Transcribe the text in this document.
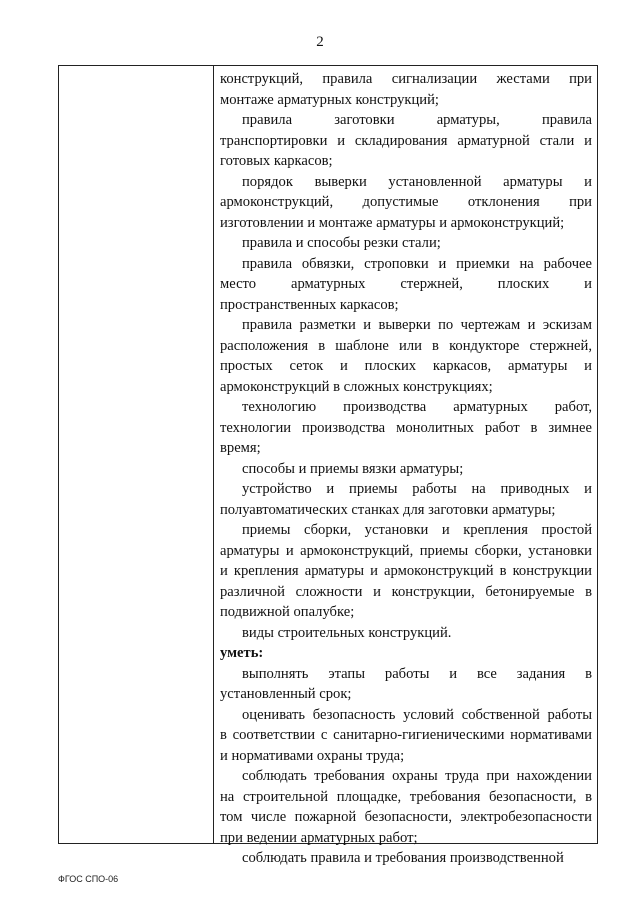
2

конструкций, правила сигнализации жестами при
монтаже арматурных конструкций;

правила заготовки арматуры, правила
транспортировки и складирования арматурной стали и
готовых каркасов;

порядок выверки установленной арматуры и
армоконструкций, допустимые отклонения при
изготовлении и монтаже арматуры и армоконструкций;

правила и способы резки стали;

правила обвязки, строповки и приемки на рабочее
место арматурных стержней, плоских и
пространственных каркасов;

правила разметки и выверки по чертежам и эскизам
расположения в шаблоне или в кондукторе стержней,
простых сеток и плоских каркасов, арматуры и
армоконструкций в сложных конструкциях;

технологию производства арматурных работ,
технологии производства монолитных работ в зимнее
время;

способы и приемы вязки арматуры;

устройство и приемы работы на приводных и
полуавтоматических станках для заготовки арматуры;

приемы сборки, установки и крепления простой
арматуры и армоконструкций, приемы сборки, установки
и крепления арматуры и армоконструкций в конструкции
различной сложности и конструкции, бетонируемые в
подвижной опалубке;

виды строительных конструкций.

уметь:

выполнять этапы работы и все задания в
установленный срок;

оценивать безопасность условий собственной работы
в соответствии с санитарно-гигиеническими нормативами
и нормативами охраны труда;

соблюдать требования охраны труда при нахождении
на строительной площадке, требования безопасности, в
том числе пожарной безопасности, электробезопасности
при ведении арматурных работ;

соблюдать правила и требования производственной

ФГОС СПО-06
